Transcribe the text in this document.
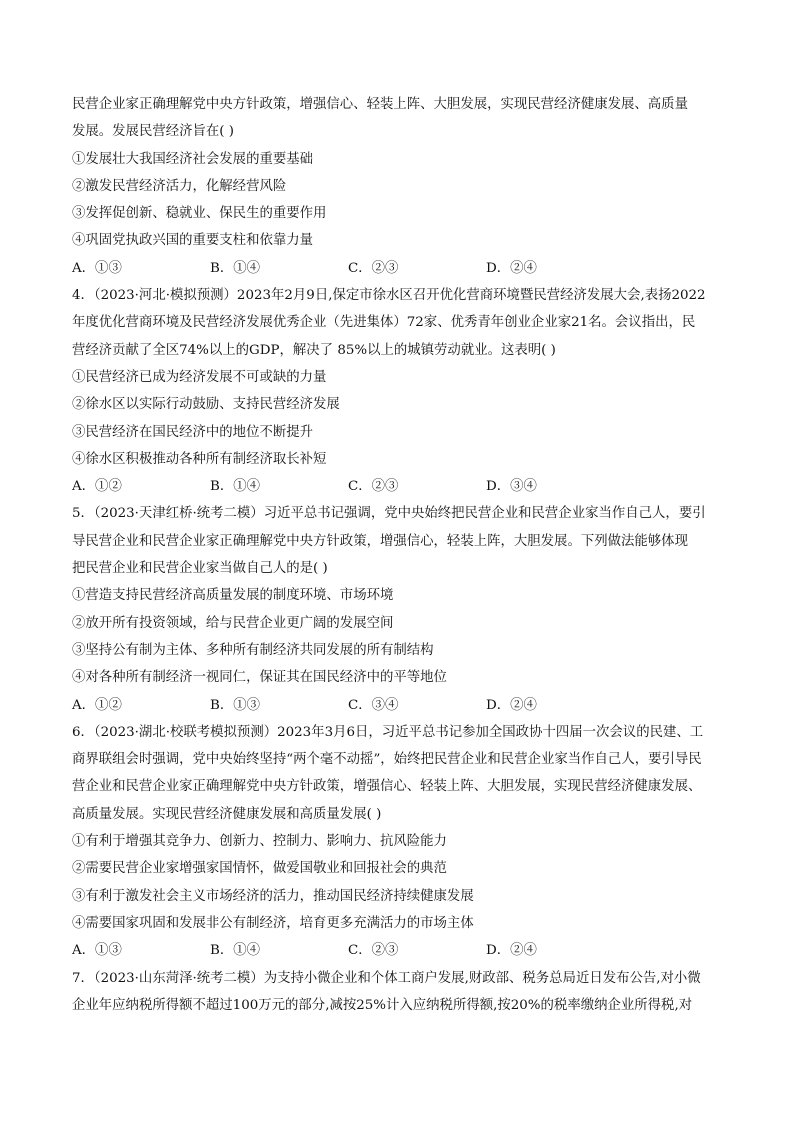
民营企业家正确理解党中央方针政策，增强信心、轻装上阵、大胆发展，实现民营经济健康发展、高质量
发展。发展民营经济旨在( )
①发展壮大我国经济社会发展的重要基础
②激发民营经济活力，化解经营风险
③发挥促创新、稳就业、保民生的重要作用
④巩固党执政兴国的重要支柱和依靠力量
A．①③	B．①④	C．②③	D．②④
4．（2023·河北·模拟预测）2023年2月9日,保定市徐水区召开优化营商环境暨民营经济发展大会,表扬2022
年度优化营商环境及民营经济发展优秀企业（先进集体）72家、优秀青年创业企业家21名。会议指出，民
营经济贡献了全区74%以上的GDP，解决了 85%以上的城镇劳动就业。这表明( )
①民营经济已成为经济发展不可或缺的力量
②徐水区以实际行动鼓励、支持民营经济发展
③民营经济在国民经济中的地位不断提升
④徐水区积极推动各种所有制经济取长补短
A．①②	B．①④	C．②③	D．③④
5．（2023·天津红桥·统考二模）习近平总书记强调，党中央始终把民营企业和民营企业家当作自己人，要引
导民营企业和民营企业家正确理解党中央方针政策，增强信心，轻装上阵，大胆发展。下列做法能够体现
把民营企业和民营企业家当做自己人的是( )
①营造支持民营经济高质量发展的制度环境、市场环境
②放开所有投资领域，给与民营企业更广阔的发展空间
③坚持公有制为主体、多种所有制经济共同发展的所有制结构
④对各种所有制经济一视同仁，保证其在国民经济中的平等地位
A．①②	B．①③	C．③④	D．②④
6．（2023·湖北·校联考模拟预测）2023年3月6日，习近平总书记参加全国政协十四届一次会议的民建、工
商界联组会时强调，党中央始终坚持“两个毫不动摇”，始终把民营企业和民营企业家当作自己人，要引导民
营企业和民营企业家正确理解党中央方针政策，增强信心、轻装上阵、大胆发展，实现民营经济健康发展、
高质量发展。实现民营经济健康发展和高质量发展( )
①有利于增强其竞争力、创新力、控制力、影响力、抗风险能力
②需要民营企业家增强家国情怀，做爱国敬业和回报社会的典范
③有利于激发社会主义市场经济的活力，推动国民经济持续健康发展
④需要国家巩固和发展非公有制经济，培育更多充满活力的市场主体
A．①③	B．①④	C．②③	D．②④
7．（2023·山东菏泽·统考二模）为支持小微企业和个体工商户发展,财政部、税务总局近日发布公告,对小微
企业年应纳税所得额不超过100万元的部分,减按25%计入应纳税所得额,按20%的税率缴纳企业所得税,对
